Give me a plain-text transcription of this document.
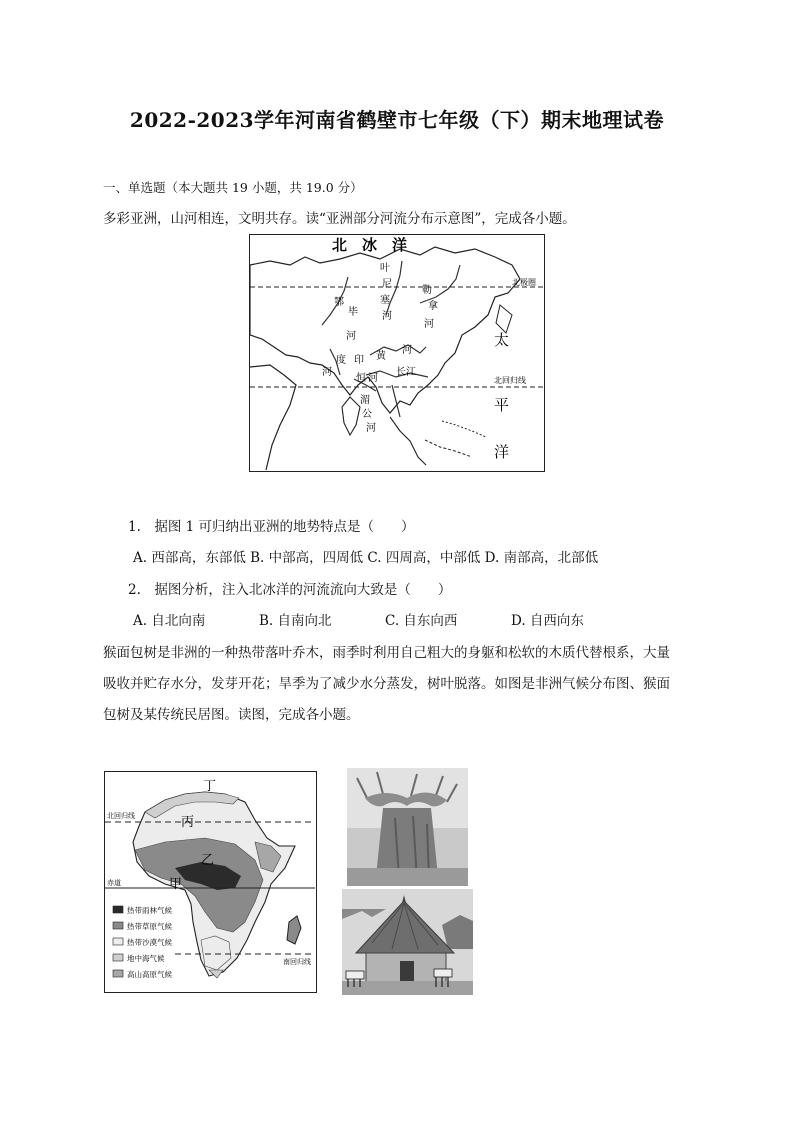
2022-2023学年河南省鹤壁市七年级（下）期末地理试卷
一、单选题（本大题共 19 小题，共 19.0 分）
多彩亚洲，山河相连，文明共存。读“亚洲部分河流分布示意图”，完成各小题。
北　冰　洋
北极圈
北回归线
太
平
洋
鄂
毕
河
叶
尼
塞
河
勒
拿
河
黄
河
长 江
印
度
河
恒 河
湄
公
河
1.　据图 1 可归纳出亚洲的地势特点是（　　）
A. 西部高，东部低 B. 中部高，四周低 C. 四周高，中部低 D. 南部高，北部低
2.　据图分析，注入北冰洋的河流流向大致是（　　）
A. 自北向南	B. 自南向北	C. 自东向西	D. 自西向东
猴面包树是非洲的一种热带落叶乔木，雨季时利用自己粗大的身躯和松软的木质代替根系，大量
吸收并贮存水分，发芽开花；旱季为了减少水分蒸发，树叶脱落。如图是非洲气候分布图、猴面
包树及某传统民居图。读图，完成各小题。
丁
丙
乙
甲
北回归线
赤道
南回归线
热带雨林气候
热带草原气候
热带沙漠气候
地中海气候
高山高原气候
